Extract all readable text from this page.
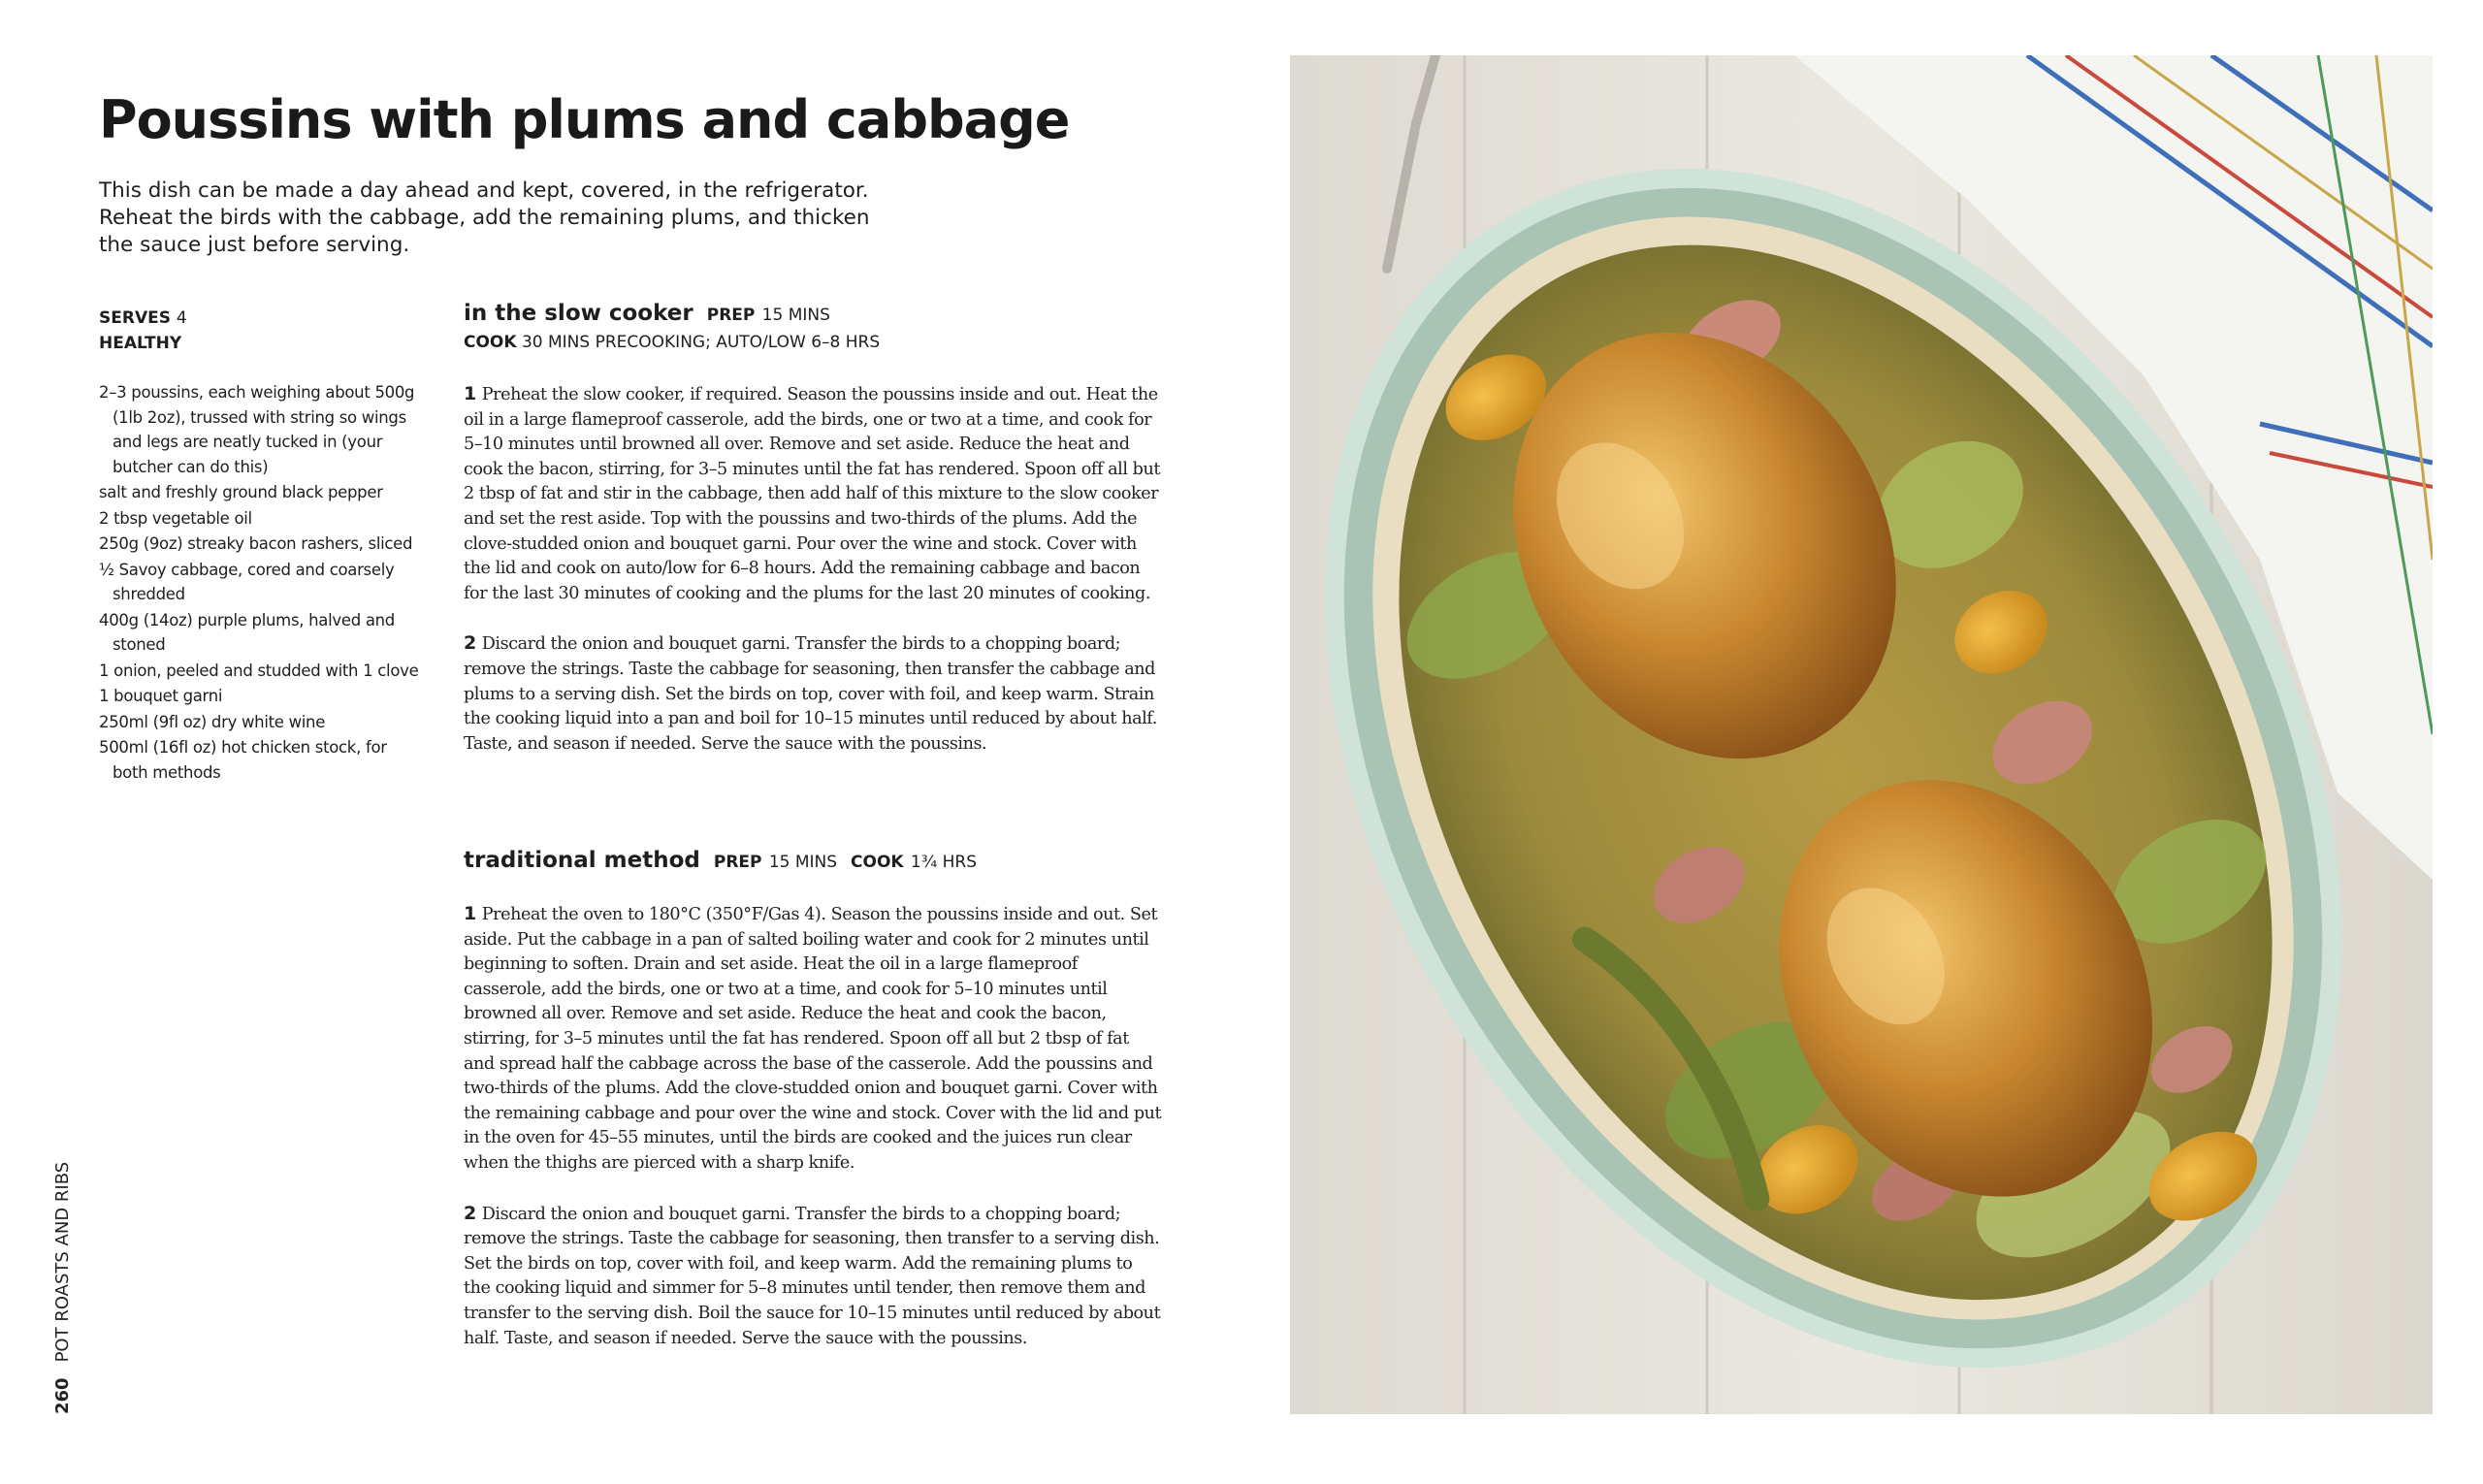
Poussins with plums and cabbage

This dish can be made a day ahead and kept, covered, in the refrigerator. Reheat the birds with the cabbage, add the remaining plums, and thicken the sauce just before serving.

SERVES 4
HEALTHY
2–3 poussins, each weighing about 500g (1lb 2oz), trussed with string so wings and legs are neatly tucked in (your butcher can do this)
salt and freshly ground black pepper
2 tbsp vegetable oil
250g (9oz) streaky bacon rashers, sliced
½ Savoy cabbage, cored and coarsely shredded
400g (14oz) purple plums, halved and stoned
1 onion, peeled and studded with 1 clove
1 bouquet garni
250ml (9fl oz) dry white wine
500ml (16fl oz) hot chicken stock, for both methods
in the slow cooker PREP 15 MINS
COOK 30 MINS PRECOOKING; AUTO/LOW 6–8 HRS

1 Preheat the slow cooker, if required. Season the poussins inside and out. Heat the oil in a large flameproof casserole, add the birds, one or two at a time, and cook for 5–10 minutes until browned all over. Remove and set aside. Reduce the heat and cook the bacon, stirring, for 3–5 minutes until the fat has rendered. Spoon off all but 2 tbsp of fat and stir in the cabbage, then add half of this mixture to the slow cooker and set the rest aside. Top with the poussins and two-thirds of the plums. Add the clove-studded onion and bouquet garni. Pour over the wine and stock. Cover with the lid and cook on auto/low for 6–8 hours. Add the remaining cabbage and bacon for the last 30 minutes of cooking and the plums for the last 20 minutes of cooking.

2 Discard the onion and bouquet garni. Transfer the birds to a chopping board; remove the strings. Taste the cabbage for seasoning, then transfer the cabbage and plums to a serving dish. Set the birds on top, cover with foil, and keep warm. Strain the cooking liquid into a pan and boil for 10–15 minutes until reduced by about half. Taste, and season if needed. Serve the sauce with the poussins.

traditional method PREP 15 MINS COOK 1¾ HRS

1 Preheat the oven to 180°C (350°F/Gas 4). Season the poussins inside and out. Set aside. Put the cabbage in a pan of salted boiling water and cook for 2 minutes until beginning to soften. Drain and set aside. Heat the oil in a large flameproof casserole, add the birds, one or two at a time, and cook for 5–10 minutes until browned all over. Remove and set aside. Reduce the heat and cook the bacon, stirring, for 3–5 minutes until the fat has rendered. Spoon off all but 2 tbsp of fat and spread half the cabbage across the base of the casserole. Add the poussins and two-thirds of the plums. Add the clove-studded onion and bouquet garni. Cover with the remaining cabbage and pour over the wine and stock. Cover with the lid and put in the oven for 45–55 minutes, until the birds are cooked and the juices run clear when the thighs are pierced with a sharp knife.

2 Discard the onion and bouquet garni. Transfer the birds to a chopping board; remove the strings. Taste the cabbage for seasoning, then transfer to a serving dish. Set the birds on top, cover with foil, and keep warm. Add the remaining plums to the cooking liquid and simmer for 5–8 minutes until tender, then remove them and transfer to the serving dish. Boil the sauce for 10–15 minutes until reduced by about half. Taste, and season if needed. Serve the sauce with the poussins.

260POT ROASTS AND RIBS
